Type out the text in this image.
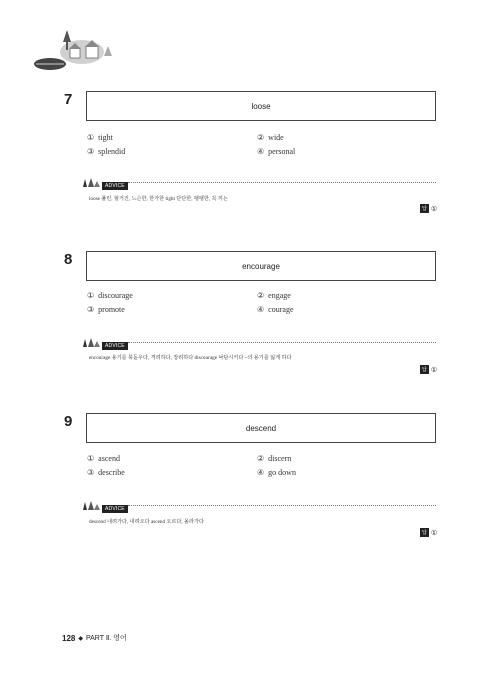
7	loose
① tight	② wide
③ splendid	④ personal
ADVICE
loose 풀린, 헐거진, 느슨한, 한가한 tight 단단한, 팽팽한, 꼭 끼는
답 ①
8	encourage
① discourage	② engage
③ promote	④ courage
ADVICE
encourage 용기를 북돋우다, 격려하다, 장려하다 discourage 낙담시키다 ~의 용기를 잃게 하다
답 ①
9	descend
① ascend	② discern
③ describe	④ go down
ADVICE
descend 내려가다, 내려오다 ascend 오르다, 올라가다
답 ①
128 ◆ PART Ⅱ. 영어
